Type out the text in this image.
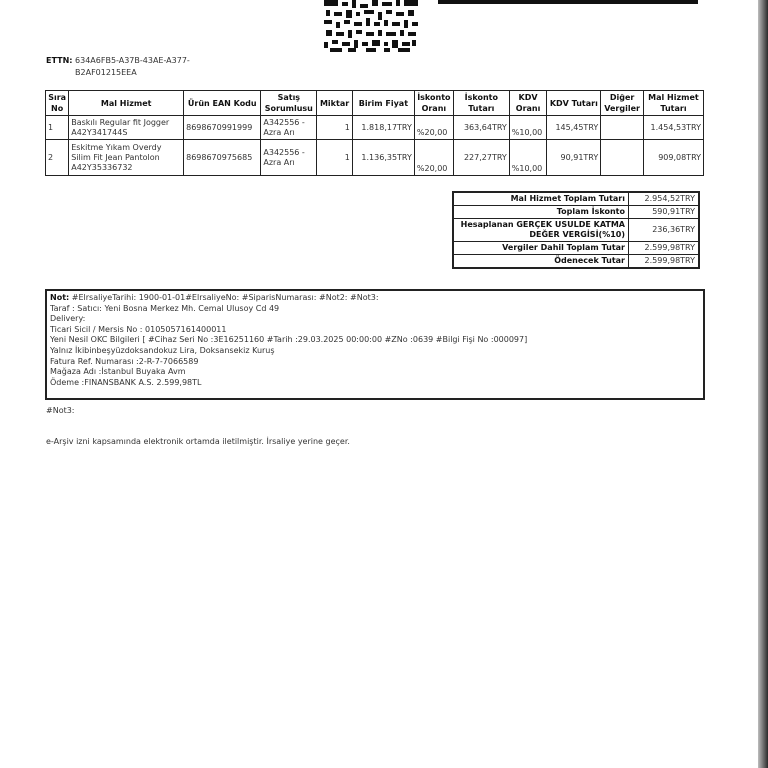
ETTN: 634A6FB5-A37B-43AE-A377-B2AF01215EEA
Sıra No	Mal Hizmet	Ürün EAN Kodu	Satış Sorumlusu	Miktar	Birim Fiyat	İskonto Oranı	İskonto Tutarı	KDV Oranı	KDV Tutarı	Diğer Vergiler	Mal Hizmet Tutarı
1	Baskılı Regular fit Jogger A42Y341744S	8698670991999	A342556 - Azra Arı	1	1.818,17TRY	%20,00	363,64TRY	%10,00	145,45TRY		1.454,53TRY
2	Eskitme Yıkam Overdy Silim Fit Jean Pantolon A42Y35336732	8698670975685	A342556 - Azra Arı	1	1.136,35TRY	%20,00	227,27TRY	%10,00	90,91TRY		909,08TRY
Mal Hizmet Toplam Tutarı	2.954,52TRY
Toplam İskonto	590,91TRY
Hesaplanan GERÇEK USULDE KATMA DEĞER VERGİSİ(%10)	236,36TRY
Vergiler Dahil Toplam Tutar	2.599,98TRY
Ödenecek Tutar	2.599,98TRY
Not: #ElrsaliyeTarihi: 1900-01-01#ElrsaliyeNo: #SiparisNumarası: #Not2: #Not3:
Taraf : Satıcı: Yeni Bosna Merkez Mh. Cemal Ulusoy Cd 49
Delivery:
Ticari Sicil / Mersis No : 0105057161400011
Yeni Nesil OKC Bilgileri [ #Cihaz Seri No :3E16251160 #Tarih :29.03.2025 00:00:00 #ZNo :0639 #Bilgi Fişi No :000097]
Yalnız İkibinbeşyüzdoksandokuz Lira, Doksansekiz Kuruş
Fatura Ref. Numarası :2-R-7-7066589
Mağaza Adı :İstanbul Buyaka Avm
Ödeme :FINANSBANK A.S. 2.599,98TL
#Not3:
e-Arşiv izni kapsamında elektronik ortamda iletilmiştir. İrsaliye yerine geçer.
